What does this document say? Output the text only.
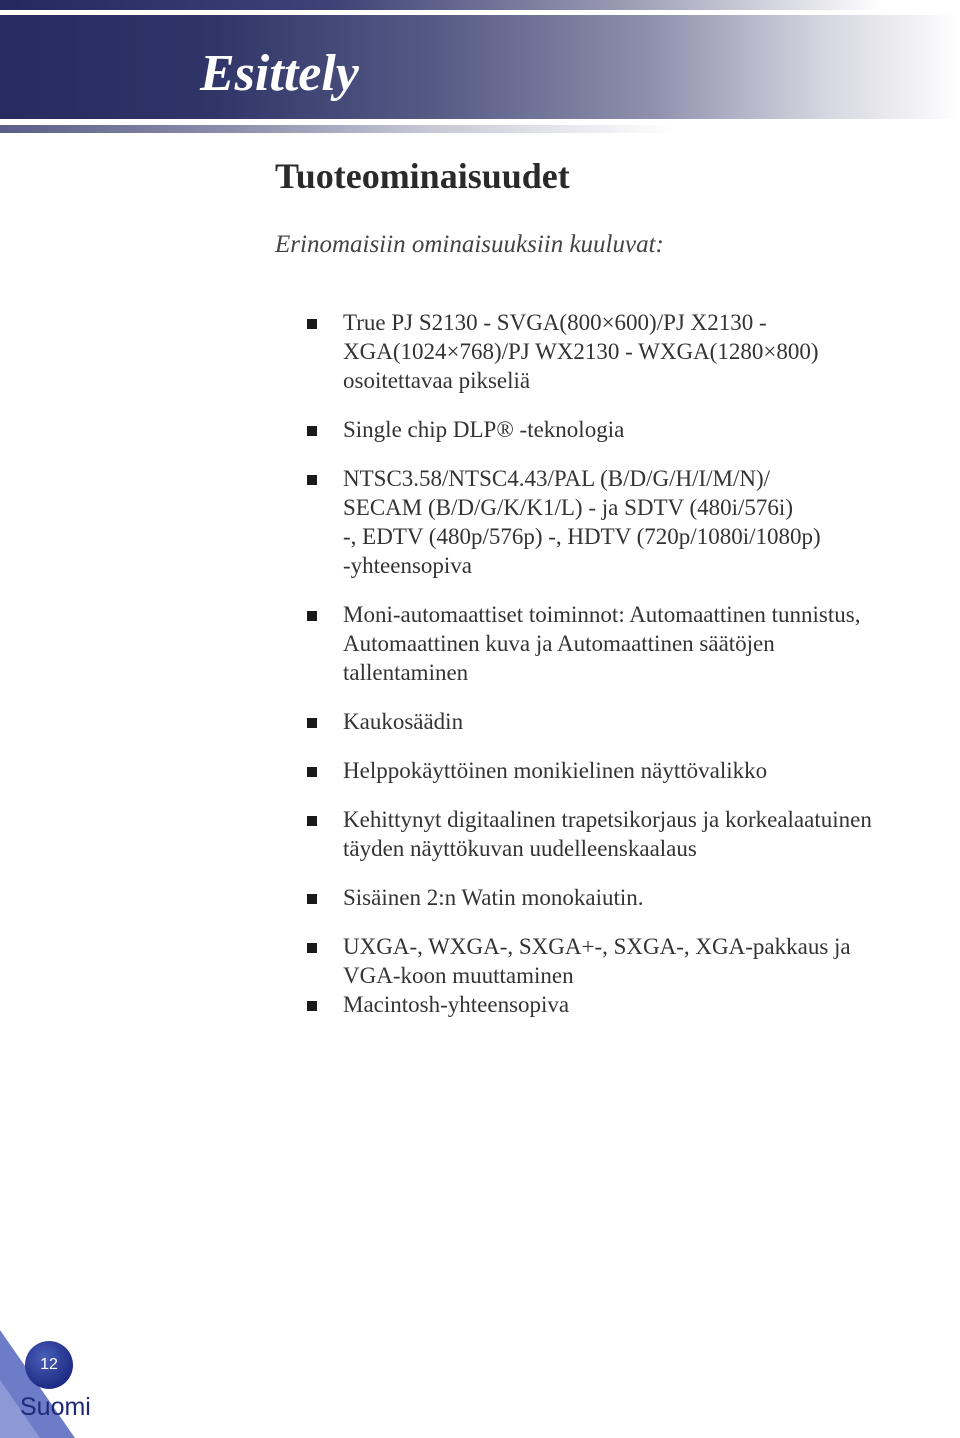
Esittely
Tuoteominaisuudet

Erinomaisiin ominaisuuksiin kuuluvat:

True PJ S2130 - SVGA(800×600)/PJ X2130 -
XGA(1024×768)/PJ WX2130 - WXGA(1280×800)
osoitettavaa pikseliä
Single chip DLP® -teknologia
NTSC3.58/NTSC4.43/PAL (B/D/G/H/I/M/N)/
SECAM (B/D/G/K/K1/L) - ja SDTV (480i/576i)
-, EDTV (480p/576p) -, HDTV (720p/1080i/1080p)
-yhteensopiva
Moni-automaattiset toiminnot: Automaattinen tunnistus,
Automaattinen kuva ja Automaattinen säätöjen
tallentaminen
Kaukosäädin
Helppokäyttöinen monikielinen näyttövalikko
Kehittynyt digitaalinen trapetsikorjaus ja korkealaatuinen
täyden näyttökuvan uudelleenskaalaus
Sisäinen 2:n Watin monokaiutin.
UXGA-, WXGA-, SXGA+-, SXGA-, XGA-pakkaus ja
VGA-koon muuttaminen
Macintosh-yhteensopiva
12

Suomi
